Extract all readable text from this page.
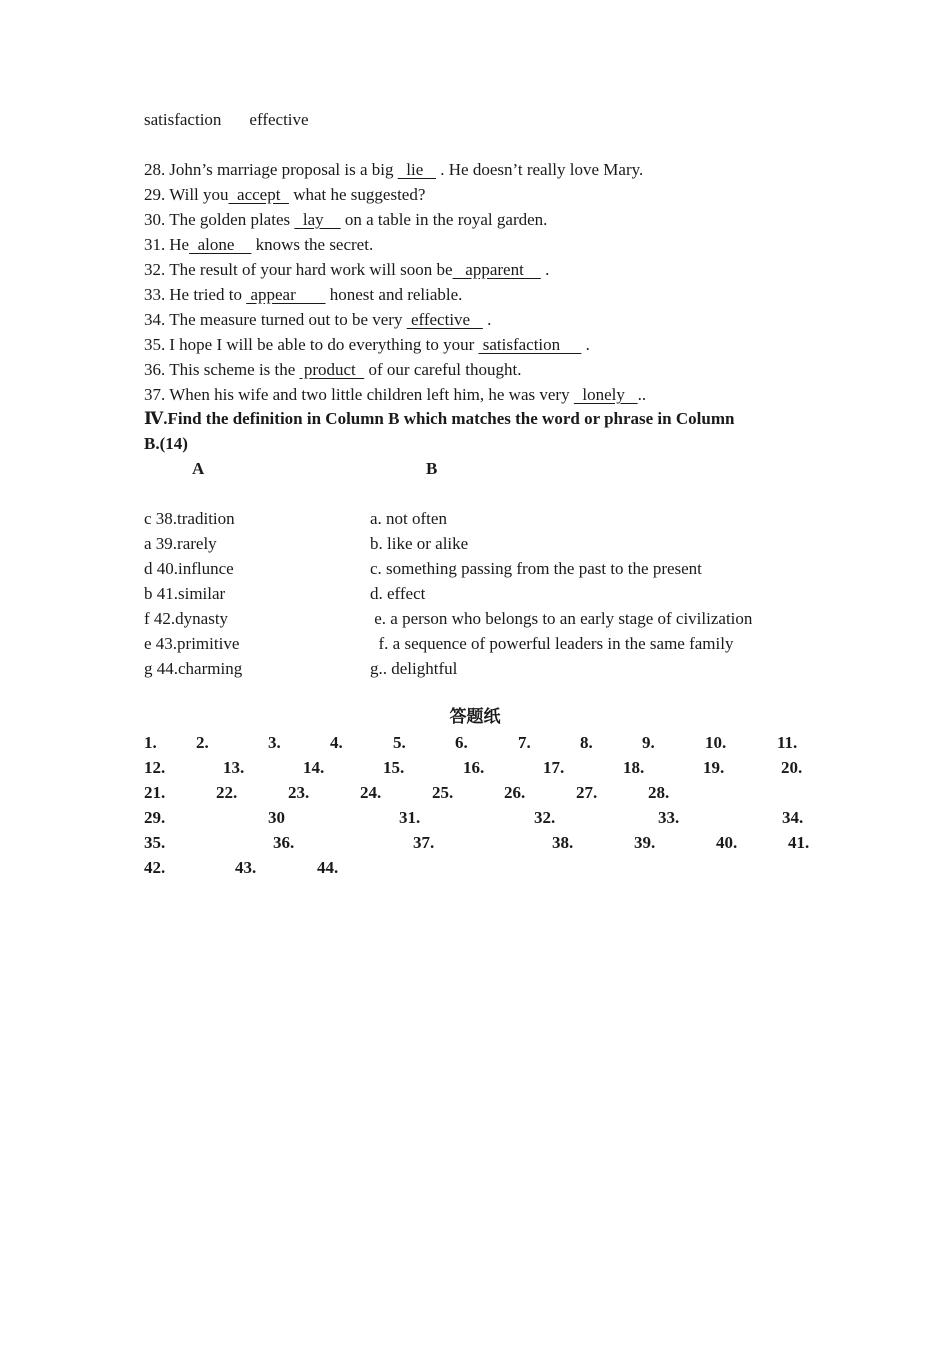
satisfaction effective
28. John’s marriage proposal is a big   lie    . He doesn’t really love Mary.
29. Will you  accept   what he suggested?
30. The golden plates   lay     on a table in the royal garden.
31. He  alone     knows the secret.
32. The result of your hard work will soon be   apparent     .
33. He tried to  appear        honest and reliable.
34. The measure turned out to be very  effective    .
35. I hope I will be able to do everything to your  satisfaction      .
36. This scheme is the  product   of our careful thought.
37. When his wife and two little children left him, he was very   lonely   ..
Ⅳ.Find the definition in Column B which matches the word or phrase in Column
B.(14)
A	B
c 38.tradition	a. not often
a 39.rarely	b. like or alike
d 40.influnce	c. something passing from the past to the present
b 41.similar	d. effect
f 42.dynasty	e. a person who belongs to an early stage of civilization
e 43.primitive	f. a sequence of powerful leaders in the same family
g 44.charming	g.. delightful
答题纸
1. 2.	3.	4.	5.	6.	7.	8.	9.	10.	11.
12.	13.	14.	15.	16.	17.	18.	19.	20.
21.	22.	23.	24.	25.	26.	27.	28.
29.	30	31.	32.	33.	34.
35.	36.	37.	38.	39.	40.	41.
42.	43.	44.
